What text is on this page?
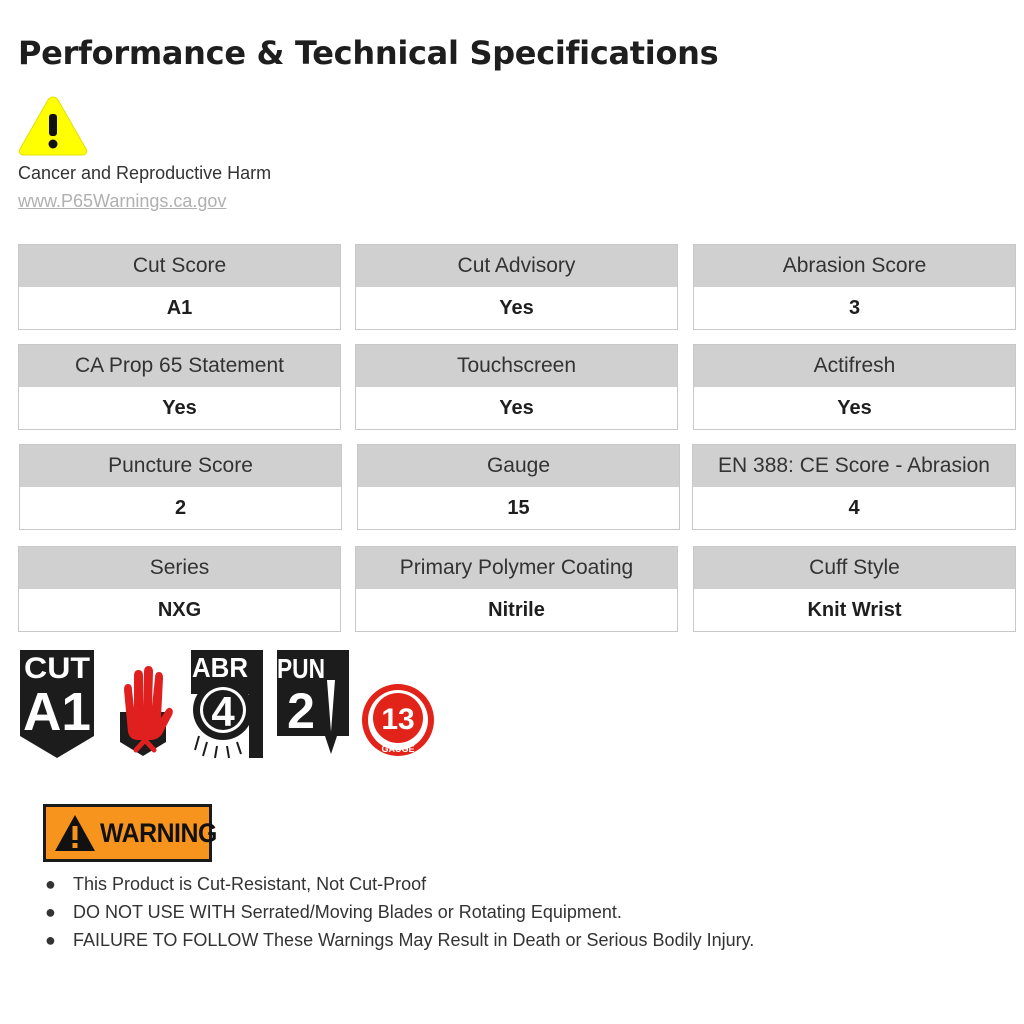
Performance & Technical Specifications
Cancer and Reproductive Harm
www.P65Warnings.ca.gov
Cut Score
A1
Cut Advisory
Yes
Abrasion Score
3
CA Prop 65 Statement
Yes
Touchscreen
Yes
Actifresh
Yes
Puncture Score
2
Gauge
15
EN 388: CE Score - Abrasion
4
Series
NXG
Primary Polymer Coating
Nitrile
Cuff Style
Knit Wrist
CUT
A1
ABR
4
PUN
2 13
GAUGE
WARNING
● This Product is Cut-Resistant, Not Cut-Proof
● DO NOT USE WITH Serrated/Moving Blades or Rotating Equipment.
● FAILURE TO FOLLOW These Warnings May Result in Death or Serious Bodily Injury.
